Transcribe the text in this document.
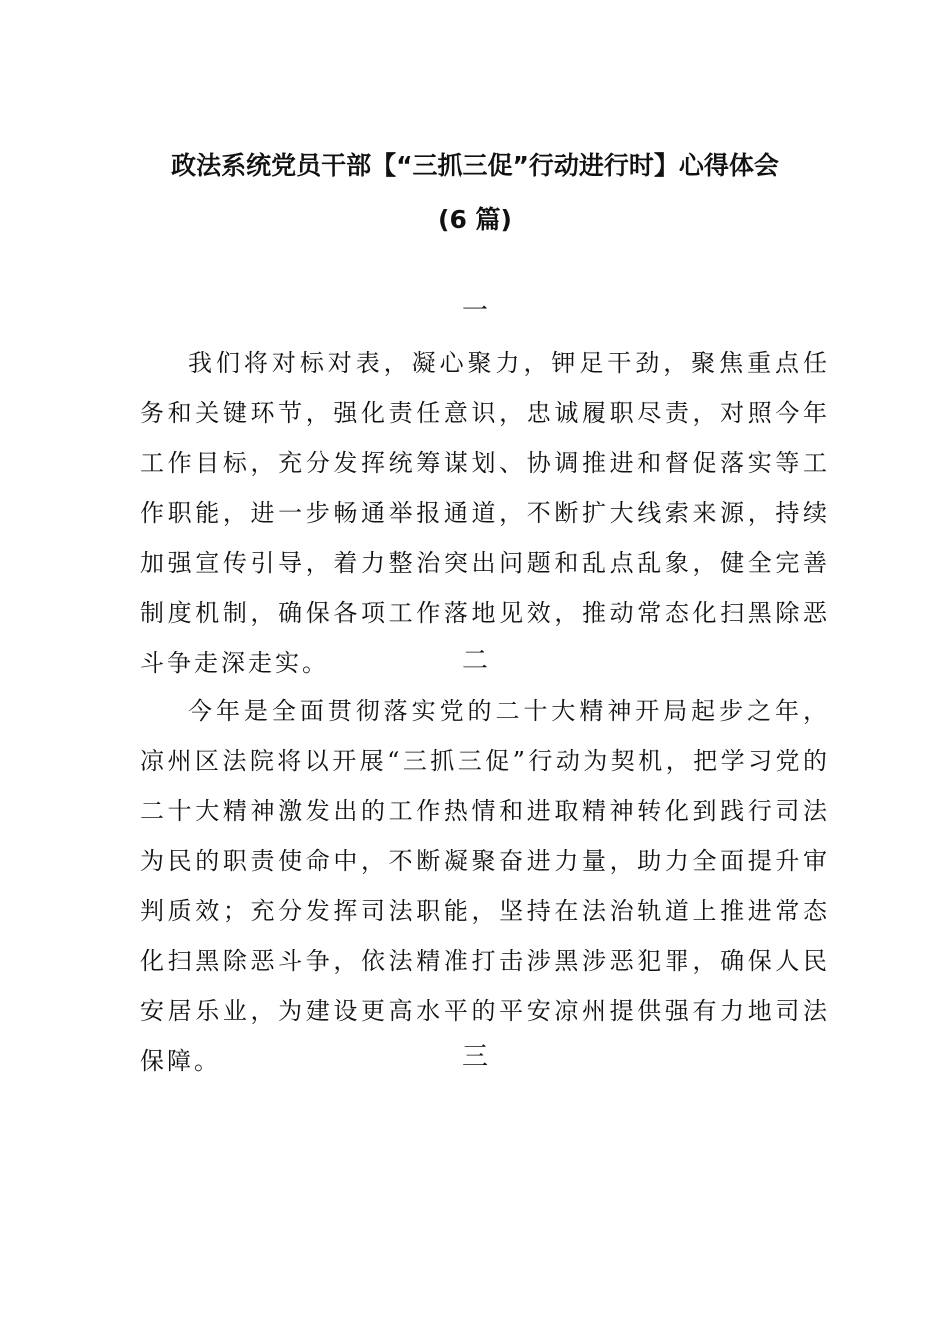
政法系统党员干部【“三抓三促”行动进行时】心得体会
(6 篇)
一

我们将对标对表，凝心聚力，钾足干劲，聚焦重点任务和关键环节，强化责任意识，忠诚履职尽责，对照今年工作目标，充分发挥统筹谋划、协调推进和督促落实等工作职能，进一步畅通举报通道，不断扩大线索来源，持续加强宣传引导，着力整治突出问题和乱点乱象，健全完善制度机制，确保各项工作落地见效，推动常态化扫黑除恶斗争走深走实。	二

今年是全面贯彻落实党的二十大精神开局起步之年，凉州区法院将以开展“三抓三促”行动为契机，把学习党的二十大精神激发出的工作热情和进取精神转化到践行司法为民的职责使命中，不断凝聚奋进力量，助力全面提升审判质效；充分发挥司法职能，坚持在法治轨道上推进常态化扫黑除恶斗争，依法精准打击涉黑涉恶犯罪，确保人民安居乐业，为建设更高水平的平安凉州提供强有力地司法保障。	三
